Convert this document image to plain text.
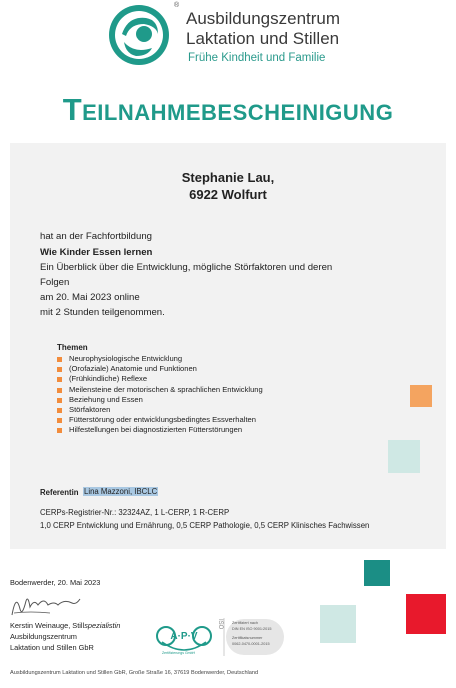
®
Ausbildungszentrum
Laktation und Stillen
Frühe Kindheit und Familie
Teilnahmebescheinigung
Stephanie Lau,
6922 Wolfurt
hat an der Fachfortbildung
Wie Kinder Essen lernen
Ein Überblick über die Entwicklung, mögliche Störfaktoren und deren
Folgen
am 20. Mai 2023 online
mit 2 Stunden teilgenommen.
Themen
Neurophysiologische Entwicklung
(Orofaziale) Anatomie und Funktionen
(Frühkindliche) Reflexe
Meilensteine der motorischen & sprachlichen Entwicklung
Beziehung und Essen
Störfaktoren
Fütterstörung oder entwicklungsbedingtes Essverhalten
Hilfestellungen bei diagnostizierten Fütterstörungen
Referentin Lina Mazzoni, IBCLC
CERPs-Registrier-Nr.: 32324AZ, 1 L-CERP, 1 R-CERP
1,0 CERP Entwicklung und Ernährung, 0,5 CERP Pathologie, 0,5 CERP Klinisches Fachwissen
Bodenwerder, 20. Mai 2023
Kerstin Weinauge, Stillspezialistin
Ausbildungszentrum
Laktation und Stillen GbR
A·P·V
Zertifizierungs GmbH
ISO Zertifiziert nach
DIN EN ISO 9001:2015
Zertifikatsnummer
0062-0470-0001-2015
Ausbildungszentrum Laktation und Stillen GbR, Große Straße 16, 37619 Bodenwerder, Deutschland
